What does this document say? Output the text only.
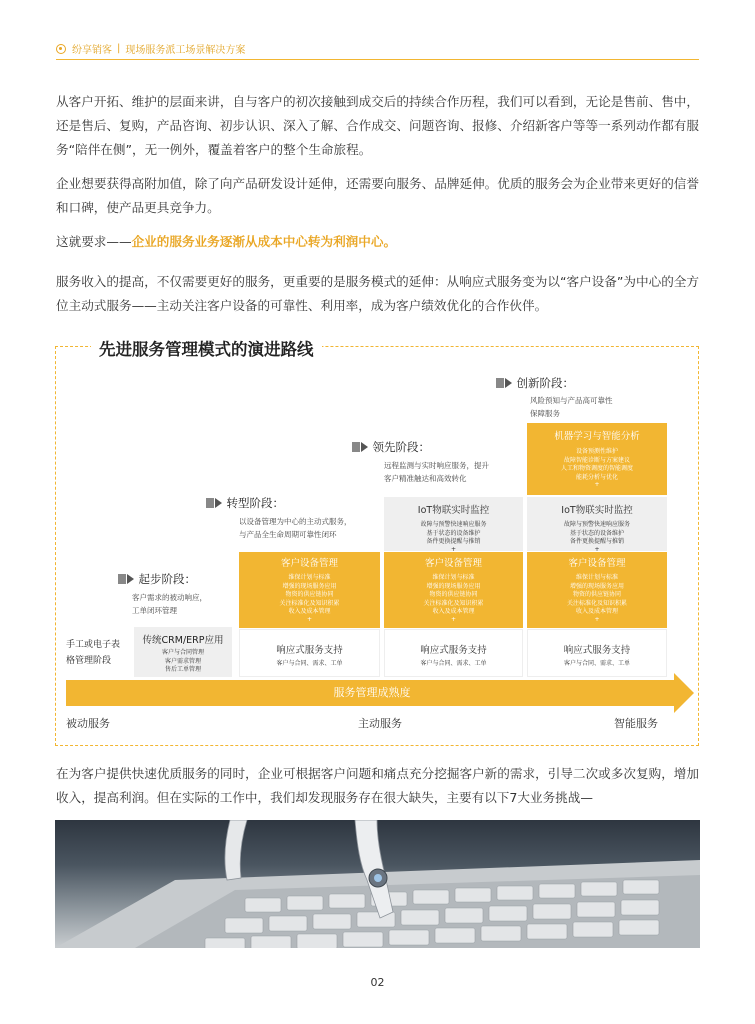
纷享销客 | 现场服务派工场景解决方案

从客户开拓、维护的层面来讲，自与客户的初次接触到成交后的持续合作历程，我们可以看到，无论是售前、售中，还是售后、复购，产品咨询、初步认识、深入了解、合作成交、问题咨询、报修、介绍新客户等等一系列动作都有服务“陪伴在侧”，无一例外，覆盖着客户的整个生命旅程。

企业想要获得高附加值，除了向产品研发设计延伸，还需要向服务、品牌延伸。优质的服务会为企业带来更好的信誉和口碑，使产品更具竞争力。

这就要求——企业的服务业务逐渐从成本中心转为利润中心。

服务收入的提高，不仅需要更好的服务，更重要的是服务模式的延伸：从响应式服务变为以“客户设备”为中心的全方位主动式服务——主动关注客户设备的可靠性、利用率，成为客户绩效优化的合作伙伴。

先进服务管理模式的演进路线
手工或电子表
格管理阶段
起步阶段：
客户需求的被动响应，
工单闭环管理
转型阶段：
以设备管理为中心的主动式服务，
与产品全生命周期可靠性闭环
领先阶段：
远程监测与实时响应服务，提升
客户精准触达和高效转化
创新阶段：
风险预知与产品高可靠性
保障服务
传统CRM/ERP应用
客户与合同管理
客户需求管理
售后工单管理
客户设备管理
维保计划与标准
增强的现场服务应用
物资的供应链协同
关注标准化及知识积累
收入及成本管理
+
响应式服务支持
客户与合同、需求、工单
IoT物联实时监控
故障与预警快速响应服务
基于状态的设备维护
备件更换提醒与推销
+
客户设备管理
维保计划与标准
增强的现场服务应用
物资的供应链协同
关注标准化及知识积累
收入及成本管理
+
响应式服务支持
客户与合同、需求、工单
机器学习与智能分析
设备预测性维护
故障智能诊断与方案建议
人工和物资调度的智能调度
能耗分析与优化
+
IoT物联实时监控
故障与预警快速响应服务
基于状态的设备维护
备件更换提醒与推销
+
客户设备管理
维保计划与标准
增强的现场服务应用
物资的供应链协同
关注标准化及知识积累
收入及成本管理
+
响应式服务支持
客户与合同、需求、工单
服务管理成熟度
被动服务	主动服务	智能服务

在为客户提供快速优质服务的同时，企业可根据客户问题和痛点充分挖掘客户新的需求，引导二次或多次复购，增加收入，提高利润。但在实际的工作中，我们却发现服务存在很大缺失，主要有以下7大业务挑战—

02
